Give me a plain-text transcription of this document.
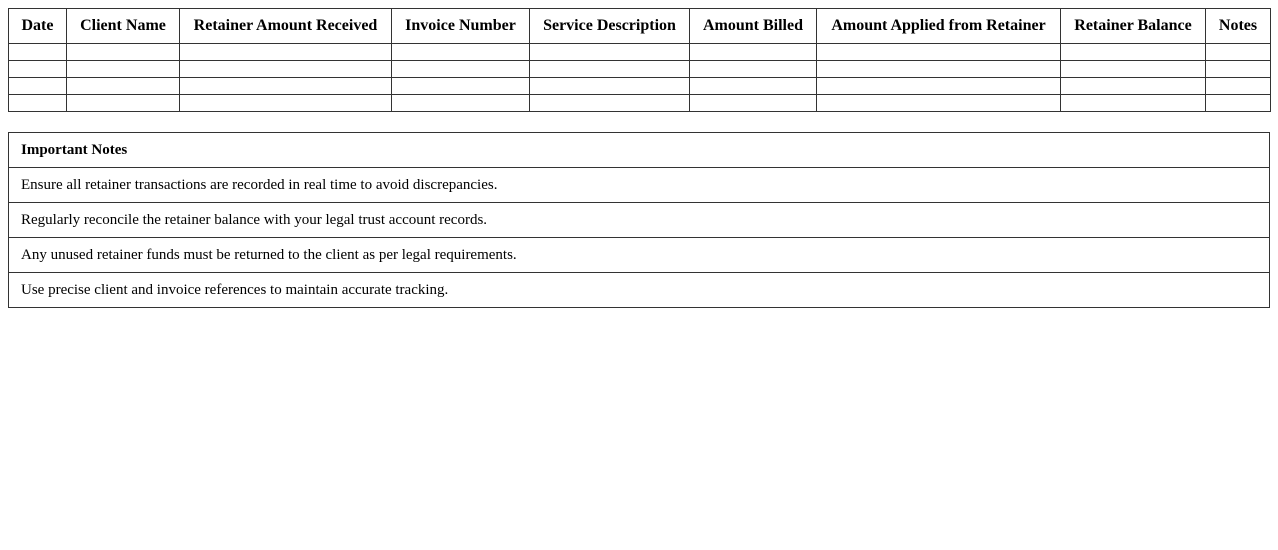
Date	Client Name	Retainer Amount Received	Invoice Number	Service Description	Amount Billed	Amount Applied from Retainer	Retainer Balance	Notes

Important Notes
Ensure all retainer transactions are recorded in real time to avoid discrepancies.
Regularly reconcile the retainer balance with your legal trust account records.
Any unused retainer funds must be returned to the client as per legal requirements.
Use precise client and invoice references to maintain accurate tracking.
